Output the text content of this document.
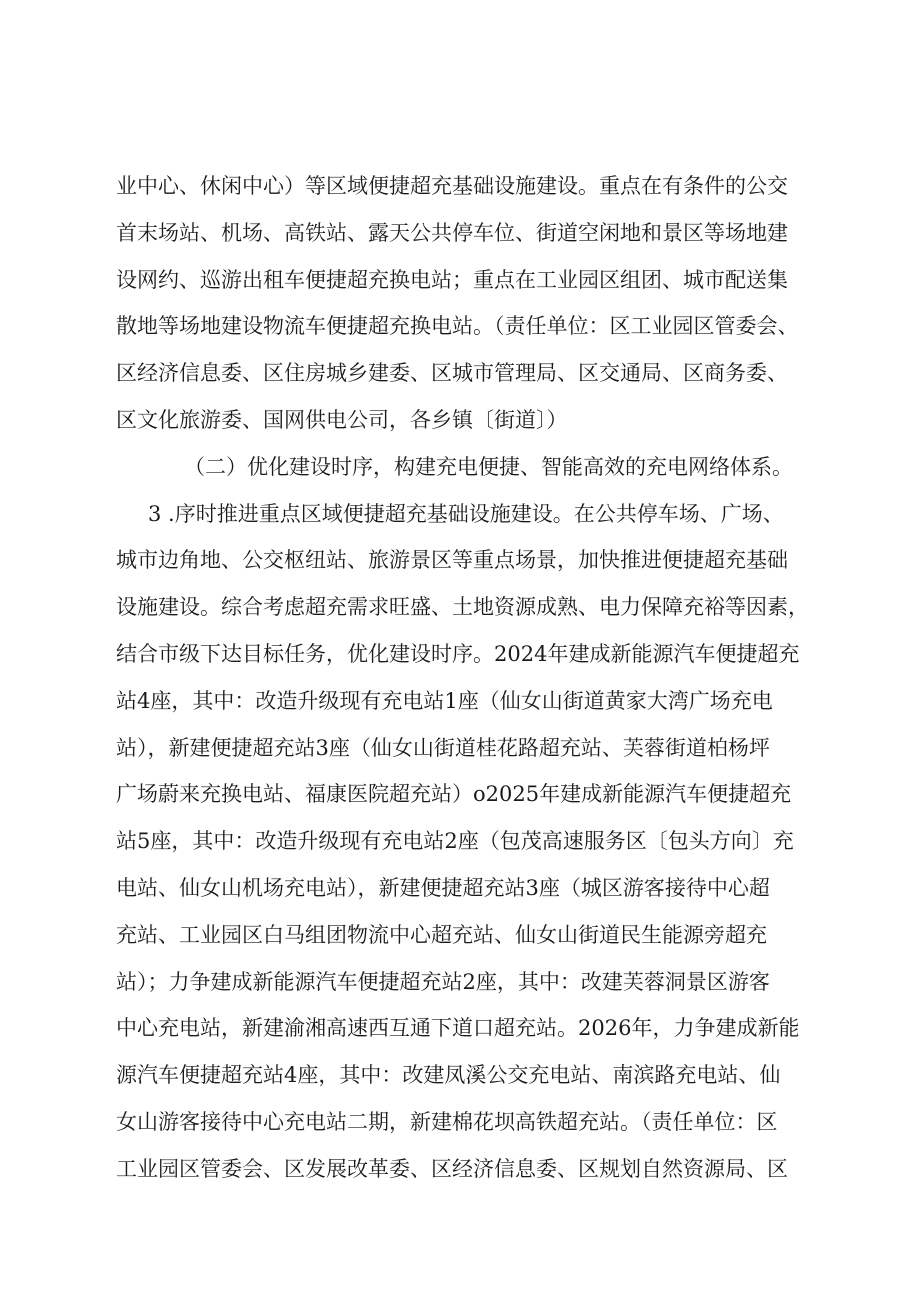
业中心、休闲中心）等区域便捷超充基础设施建设。重点在有条件的公交
首末场站、机场、高铁站、露天公共停车位、街道空闲地和景区等场地建
设网约、巡游出租车便捷超充换电站；重点在工业园区组团、城市配送集
散地等场地建设物流车便捷超充换电站。（责任单位：区工业园区管委会、
区经济信息委、区住房城乡建委、区城市管理局、区交通局、区商务委、
区文化旅游委、国网供电公司，各乡镇〔街道〕）
（二）优化建设时序，构建充电便捷、智能高效的充电网络体系。
3 .序时推进重点区域便捷超充基础设施建设。在公共停车场、广场、
城市边角地、公交枢纽站、旅游景区等重点场景，加快推进便捷超充基础
设施建设。综合考虑超充需求旺盛、土地资源成熟、电力保障充裕等因素，
结合市级下达目标任务，优化建设时序。2024年建成新能源汽车便捷超充
站4座，其中：改造升级现有充电站1座（仙女山街道黄家大湾广场充电
站），新建便捷超充站3座（仙女山街道桂花路超充站、芙蓉街道柏杨坪
广场蔚来充换电站、福康医院超充站）o2025年建成新能源汽车便捷超充
站5座，其中：改造升级现有充电站2座（包茂高速服务区〔包头方向〕充
电站、仙女山机场充电站），新建便捷超充站3座（城区游客接待中心超
充站、工业园区白马组团物流中心超充站、仙女山街道民生能源旁超充
站）；力争建成新能源汽车便捷超充站2座，其中：改建芙蓉洞景区游客
中心充电站，新建渝湘高速西互通下道口超充站。2026年，力争建成新能
源汽车便捷超充站4座，其中：改建凤溪公交充电站、南滨路充电站、仙
女山游客接待中心充电站二期，新建棉花坝高铁超充站。（责任单位：区
工业园区管委会、区发展改革委、区经济信息委、区规划自然资源局、区
